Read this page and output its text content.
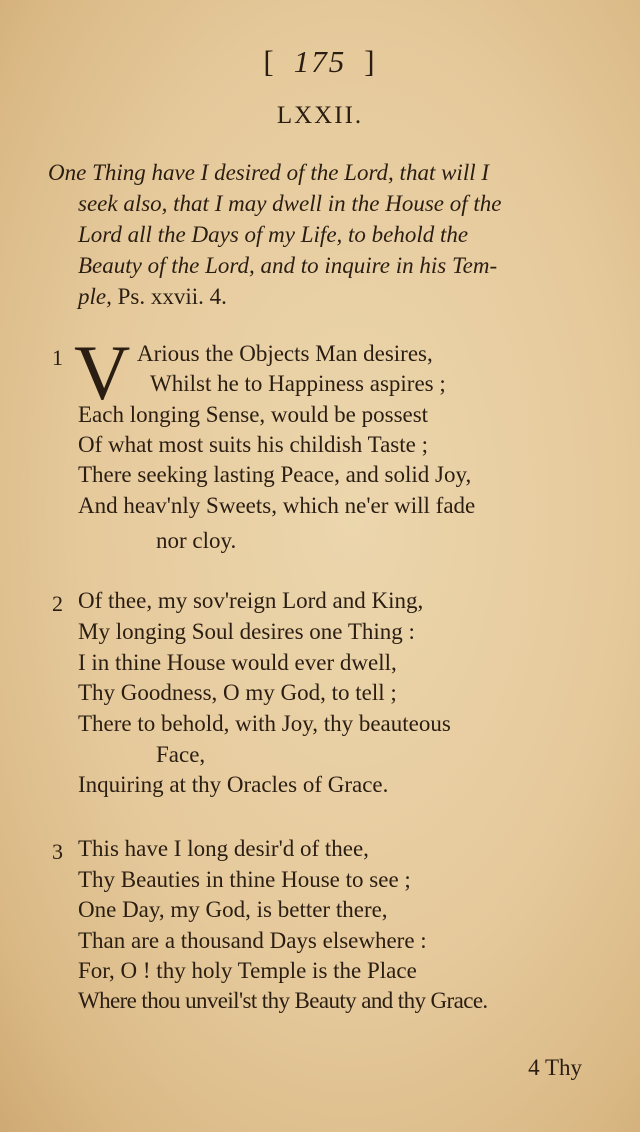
[ 175 ]
LXXII.
One Thing have I desired of the Lord, that will I
seek also, that I may dwell in the House of the
Lord all the Days of my Life, to behold the
Beauty of the Lord, and to inquire in his Tem-
ple, Ps. xxvii. 4.
1 V Arious the Objects Man desires,
Whilst he to Happiness aspires ;
Each longing Sense, would be possest
Of what most suits his childish Taste ;
There seeking lasting Peace, and solid Joy,
And heav'nly Sweets, which ne'er will fade
nor cloy.
2 Of thee, my sov'reign Lord and King,
My longing Soul desires one Thing :
I in thine House would ever dwell,
Thy Goodness, O my God, to tell ;
There to behold, with Joy, thy beauteous
Face,
Inquiring at thy Oracles of Grace.
3 This have I long desir'd of thee,
Thy Beauties in thine House to see ;
One Day, my God, is better there,
Than are a thousand Days elsewhere :
For, O ! thy holy Temple is the Place
Where thou unveil'st thy Beauty and thy Grace.
4 Thy
